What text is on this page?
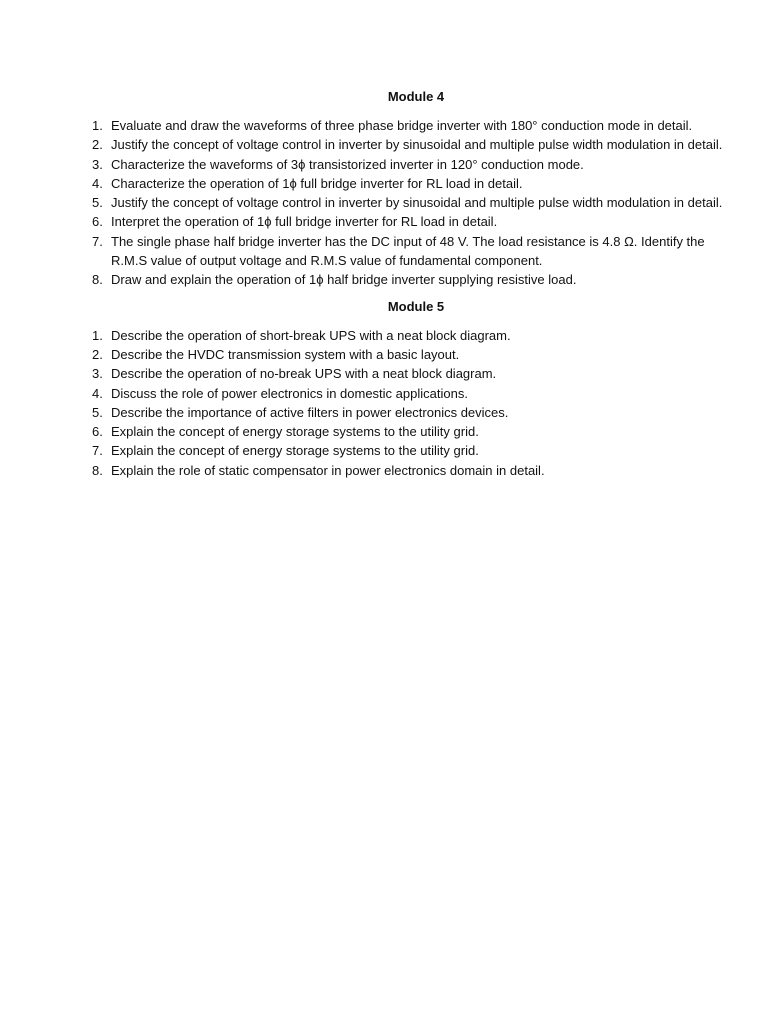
Module 4
1. Evaluate and draw the waveforms of three phase bridge inverter with 180° conduction mode in detail.
2. Justify the concept of voltage control in inverter by sinusoidal and multiple pulse width modulation in detail.
3. Characterize the waveforms of 3ϕ transistorized inverter in 120° conduction mode.
4. Characterize the operation of 1ϕ full bridge inverter for RL load in detail.
5. Justify the concept of voltage control in inverter by sinusoidal and multiple pulse width modulation in detail.
6. Interpret the operation of 1ϕ full bridge inverter for RL load in detail.
7. The single phase half bridge inverter has the DC input of 48 V. The load resistance is 4.8 Ω. Identify the R.M.S value of output voltage and R.M.S value of fundamental component.
8. Draw and explain the operation of 1ϕ half bridge inverter supplying resistive load.
Module 5
1. Describe the operation of short-break UPS with a neat block diagram.
2. Describe the HVDC transmission system with a basic layout.
3. Describe the operation of no-break UPS with a neat block diagram.
4. Discuss the role of power electronics in domestic applications.
5. Describe the importance of active filters in power electronics devices.
6. Explain the concept of energy storage systems to the utility grid.
7. Explain the concept of energy storage systems to the utility grid.
8. Explain the role of static compensator in power electronics domain in detail.
